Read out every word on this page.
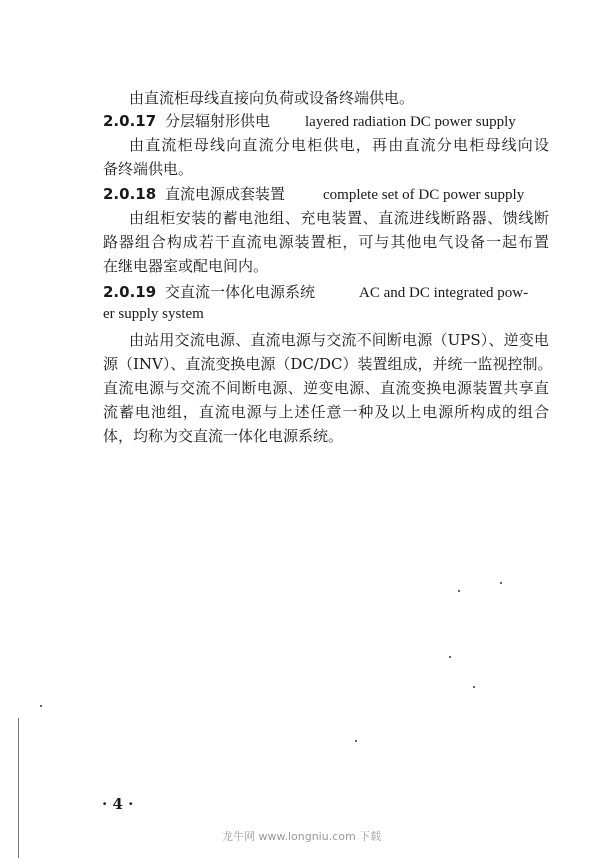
由直流柜母线直接向负荷或设备终端供电。
2.0.17 分层辐射形供电 layered radiation DC power supply
由直流柜母线向直流分电柜供电，再由直流分电柜母线向设
备终端供电。
2.0.18 直流电源成套装置	complete set of DC power supply
由组柜安装的蓄电池组、充电装置、直流进线断路器、馈线断
路器组合构成若干直流电源装置柜，可与其他电气设备一起布置
在继电器室或配电间内。
2.0.19 交直流一体化电源系统	AC and DC integrated pow-
er supply system
由站用交流电源、直流电源与交流不间断电源（UPS）、逆变电
源（INV）、直流变换电源（DC/DC）装置组成，并统一监视控制。
直流电源与交流不间断电源、逆变电源、直流变换电源装置共享直
流蓄电池组，直流电源与上述任意一种及以上电源所构成的组合
体，均称为交直流一体化电源系统。
· 4 ·
龙牛网 www.longniu.com 下载
